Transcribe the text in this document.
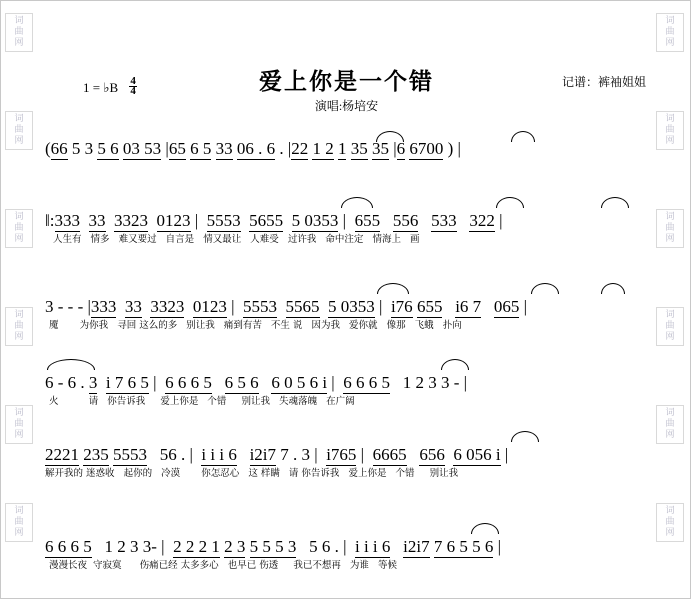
词
曲
网
词
曲
网
词
曲
网
词
曲
网
词
曲
网
词
曲
网
词
曲
网
词
曲
网
词
曲
网
词
曲
网
词
曲
网
词
曲
网
1 = ♭B $\frac{4}{4}$	爱上你是一个错
演唱:杨培安
记谱：裤袖姐姐
(66 5 3 5 6 03 53 |65 6 5 33 06 . 6 . |22 1 2 1 35 35 |6 6700 ) |
‖:333 33 3323 0123 |  5553 5655 5 0353 |  655 556 533 322 |
人生有   情多   难又要过   自言是   情又最让   人难受   过许我   命中注定   情海上   画
3 - - - |333 33 3323 0123 |  5553 5565 5 0353 |  i76 655 i6 7 065 |
魇       为你我   寻回 这么的多   别让我   痛到有苦   不生 说   因为我   爱你就   像那   飞蛾   扑向
6 - 6 . 3 i 7 6 5 |  6 6 6 5 6 5 6 6 0 5 6 i |  6 6 6 5   1 2 3 3 - |
火          请   你告诉我     爱上你是   个错     别让我   失魂落魄   在广阔
2221 235 5553   56 . |  i i i 6 i2i7 7 . 3 |  i765 |  6665 656 6 056 i |
解开我的 迷惑收   起你的   冷漠       你怎忍心   这 样瞒   请 你告诉我   爱上你是   个错     别让我
6 6 6 5   1 2 3 3- |  2 2 2 1 2 3 5 5 5 3   5 6 . |  i i i 6 i2i7 7 6 5 5 6 |
漫漫长夜  守寂寞      伤痛已经 太多多心   也早已 伤透     我已不想再   为谁   等候
